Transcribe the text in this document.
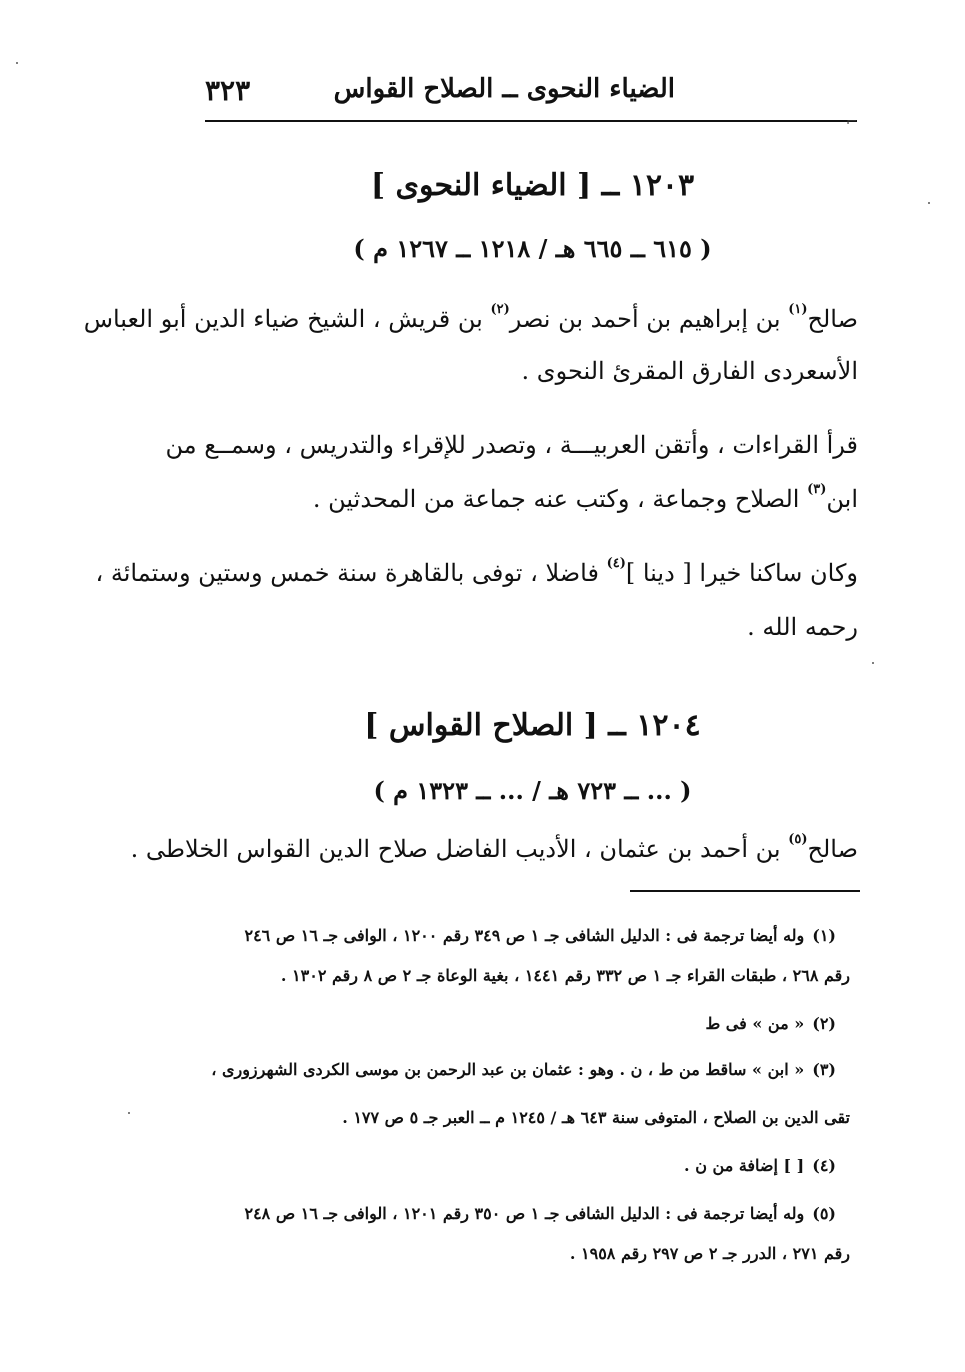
الضياء النحوى ــ الصلاح القواس
٣٢٣
⌐
١٢٠٣ ــ [ الضياء النحوى ]
( ٦١٥ ــ ٦٦٥ هـ / ١٢١٨ ــ ١٢٦٧ م )
صالح$^{(١)}$ بن إبراهيم بن أحمد بن نصر$^{(٢)}$ بن قريش ، الشيخ ضياء الدين أبو العباس
الأسعردى الفارق المقرئ النحوى .
قرأ القراءات ، وأتقن العربيـــة ، وتصدر للإقراء والتدريس ، وسمــع من
ابن$^{(٣)}$ الصلاح وجماعة ، وكتب عنه جماعة من المحدثين .
وكان ساكنا خيرا [ دينا ]$^{(٤)}$ فاضلا ، توفى بالقاهرة سنة خمس وستين وستمائة ،
رحمه الله .
١٢٠٤ ــ [ الصلاح القواس ]
( ... ــ ٧٢٣ هـ / ... ــ ١٣٢٣ م )
صالح$^{(٥)}$ بن أحمد بن عثمان ، الأديب الفاضل صلاح الدين القواس الخلاطى .
(١)وله أيضا ترجمة فى : الدليل الشافى جـ ١ ص ٣٤٩ رقم ١٢٠٠ ، الوافى جـ ١٦ ص ٢٤٦
رقم ٢٦٨ ، طبقات القراء جـ ١ ص ٣٣٢ رقم ١٤٤١ ، بغية الوعاة جـ ٢ ص ٨ رقم ١٣٠٢ .
(٢)« من » فى ط
(٣)« ابن » ساقط من ط ، ن . وهو : عثمان بن عبد الرحمن بن موسى الكردى الشهرزورى ،
تقى الدين بن الصلاح ، المتوفى سنة ٦٤٣ هـ / ١٢٤٥ م ــ العبر جـ ٥ ص ١٧٧ .
(٤)[ ] إضافة من ن .
(٥)وله أيضا ترجمة فى : الدليل الشافى جـ ١ ص ٣٥٠ رقم ١٢٠١ ، الوافى جـ ١٦ ص ٢٤٨
رقم ٢٧١ ، الدرر جـ ٢ ص ٢٩٧ رقم ١٩٥٨ .
